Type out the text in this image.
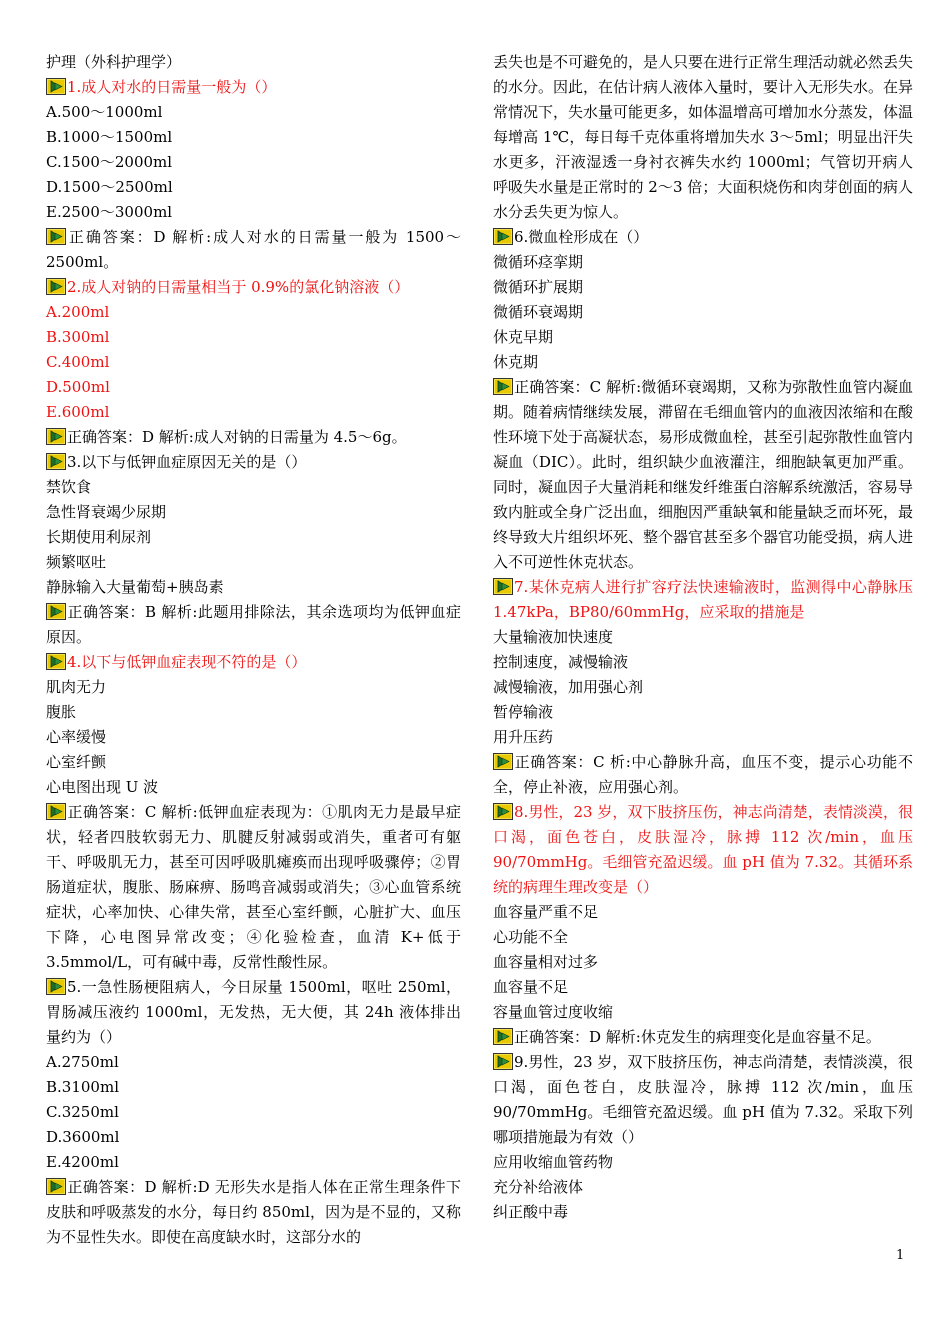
护理（外科护理学）
1.成人对水的日需量一般为（）
A.500～1000ml
B.1000～1500ml
C.1500～2000ml
D.1500～2500ml
E.2500～3000ml
正确答案：D 解析:成人对水的日需量一般为 1500～2500ml。
2.成人对钠的日需量相当于 0.9%的氯化钠溶液（）
A.200ml
B.300ml
C.400ml
D.500ml
E.600ml
正确答案：D 解析:成人对钠的日需量为 4.5～6g。
3.以下与低钾血症原因无关的是（）
禁饮食
急性肾衰竭少尿期
长期使用利尿剂
频繁呕吐
静脉输入大量葡萄+胰岛素
正确答案：B 解析:此题用排除法，其余选项均为低钾血症原因。
4.以下与低钾血症表现不符的是（）
肌肉无力
腹胀
心率缓慢
心室纤颤
心电图出现 U 波
正确答案：C 解析:低钾血症表现为：①肌肉无力是最早症状，轻者四肢软弱无力、肌腱反射减弱或消失，重者可有躯干、呼吸肌无力，甚至可因呼吸肌瘫痪而出现呼吸骤停；②胃肠道症状，腹胀、肠麻痹、肠鸣音减弱或消失；③心血管系统症状，心率加快、心律失常，甚至心室纤颤，心脏扩大、血压下降，心电图异常改变；④化验检查，血清 K+低于 3.5mmol/L，可有碱中毒，反常性酸性尿。
5.一急性肠梗阻病人，今日尿量 1500ml，呕吐 250ml，胃肠减压液约 1000ml，无发热，无大便，其 24h 液体排出量约为（）
A.2750ml
B.3100ml
C.3250ml
D.3600ml
E.4200ml
正确答案：D 解析:D 无形失水是指人体在正常生理条件下皮肤和呼吸蒸发的水分，每日约 850ml，因为是不显的，又称为不显性失水。即使在高度缺水时，这部分水的
丢失也是不可避免的，是人只要在进行正常生理活动就必然丢失的水分。因此，在估计病人液体入量时，要计入无形失水。在异常情况下，失水量可能更多，如体温增高可增加水分蒸发，体温每增高 1℃，每日每千克体重将增加失水 3～5ml；明显出汗失水更多，汗液湿透一身衬衣裤失水约 1000ml；气管切开病人呼吸失水量是正常时的 2～3 倍；大面积烧伤和肉芽创面的病人水分丢失更为惊人。
6.微血栓形成在（）
微循环痉挛期
微循环扩展期
微循环衰竭期
休克早期
休克期
正确答案：C 解析:微循环衰竭期，又称为弥散性血管内凝血期。随着病情继续发展，滞留在毛细血管内的血液因浓缩和在酸性环境下处于高凝状态，易形成微血栓，甚至引起弥散性血管内凝血（DIC）。此时，组织缺少血液灌注，细胞缺氧更加严重。同时，凝血因子大量消耗和继发纤维蛋白溶解系统激活，容易导致内脏或全身广泛出血，细胞因严重缺氧和能量缺乏而坏死，最终导致大片组织坏死、整个器官甚至多个器官功能受损，病人进入不可逆性休克状态。
7.某休克病人进行扩容疗法快速输液时，监测得中心静脉压 1.47kPa，BP80/60mmHg，应采取的措施是
大量输液加快速度
控制速度，减慢输液
减慢输液，加用强心剂
暂停输液
用升压药
正确答案：C 析:中心静脉升高，血压不变，提示心功能不全，停止补液，应用强心剂。
8.男性，23 岁，双下肢挤压伤，神志尚清楚，表情淡漠，很口渴，面色苍白，皮肤湿冷，脉搏 112 次/min，血压 90/70mmHg。毛细管充盈迟缓。血 pH 值为 7.32。其循环系统的病理生理改变是（）
血容量严重不足
心功能不全
血容量相对过多
血容量不足
容量血管过度收缩
正确答案：D 解析:休克发生的病理变化是血容量不足。
9.男性，23 岁，双下肢挤压伤，神志尚清楚，表情淡漠，很口渴，面色苍白，皮肤湿冷，脉搏 112 次/min，血压 90/70mmHg。毛细管充盈迟缓。血 pH 值为 7.32。采取下列哪项措施最为有效（）
应用收缩血管药物
充分补给液体
纠正酸中毒
1
